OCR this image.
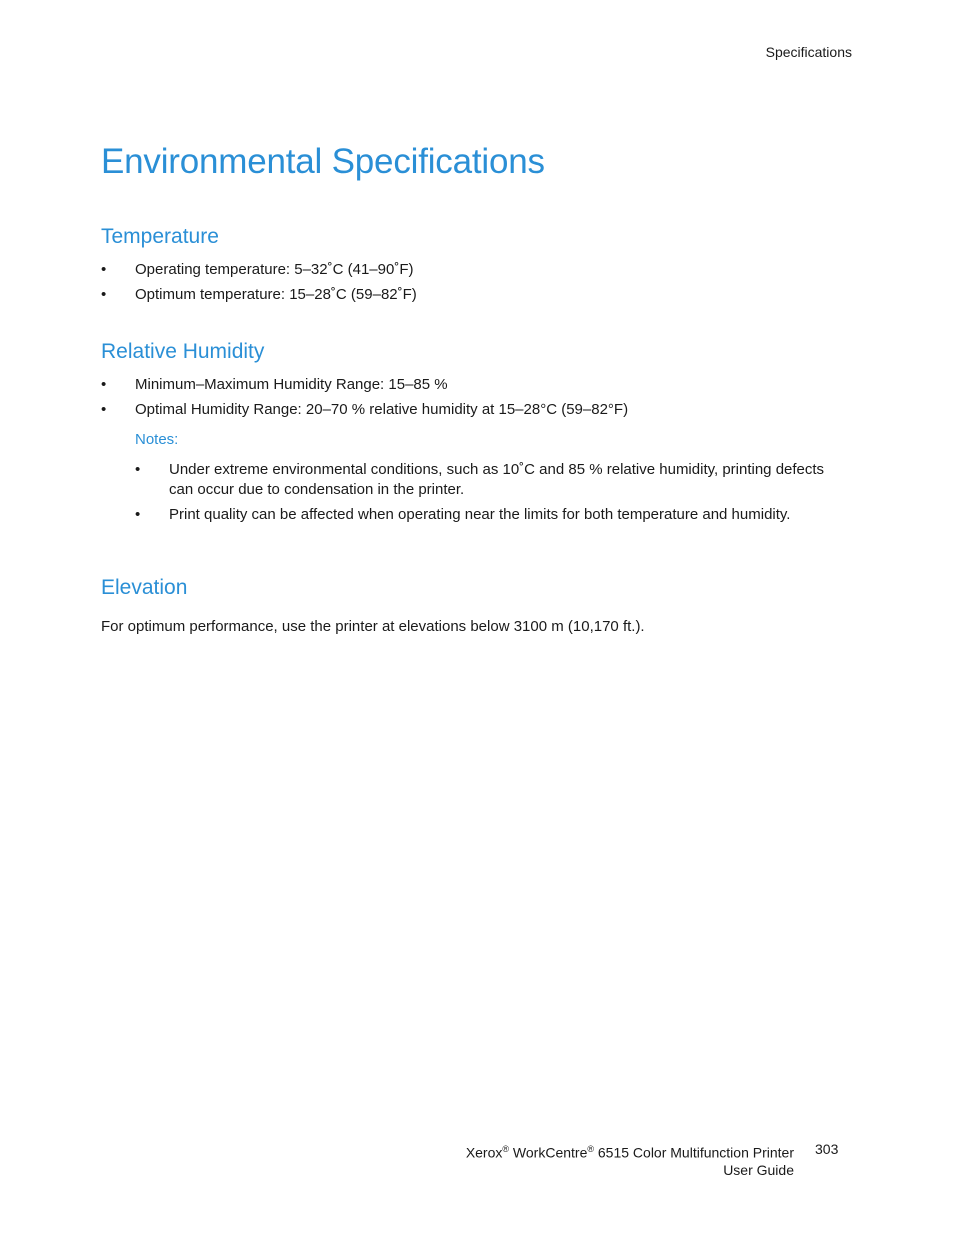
Specifications
Environmental Specifications
Temperature
• Operating temperature: 5–32˚C (41–90˚F)
• Optimum temperature: 15–28˚C (59–82˚F)
Relative Humidity
• Minimum–Maximum Humidity Range: 15–85 %
• Optimal Humidity Range: 20–70 % relative humidity at 15–28°C (59–82°F)
Notes:
• Under extreme environmental conditions, such as 10˚C and 85 % relative humidity, printing defects can occur due to condensation in the printer.
• Print quality can be affected when operating near the limits for both temperature and humidity.
Elevation

For optimum performance, use the printer at elevations below 3100 m (10,170 ft.).

Xerox® WorkCentre® 6515 Color Multifunction Printer
User Guide
303
